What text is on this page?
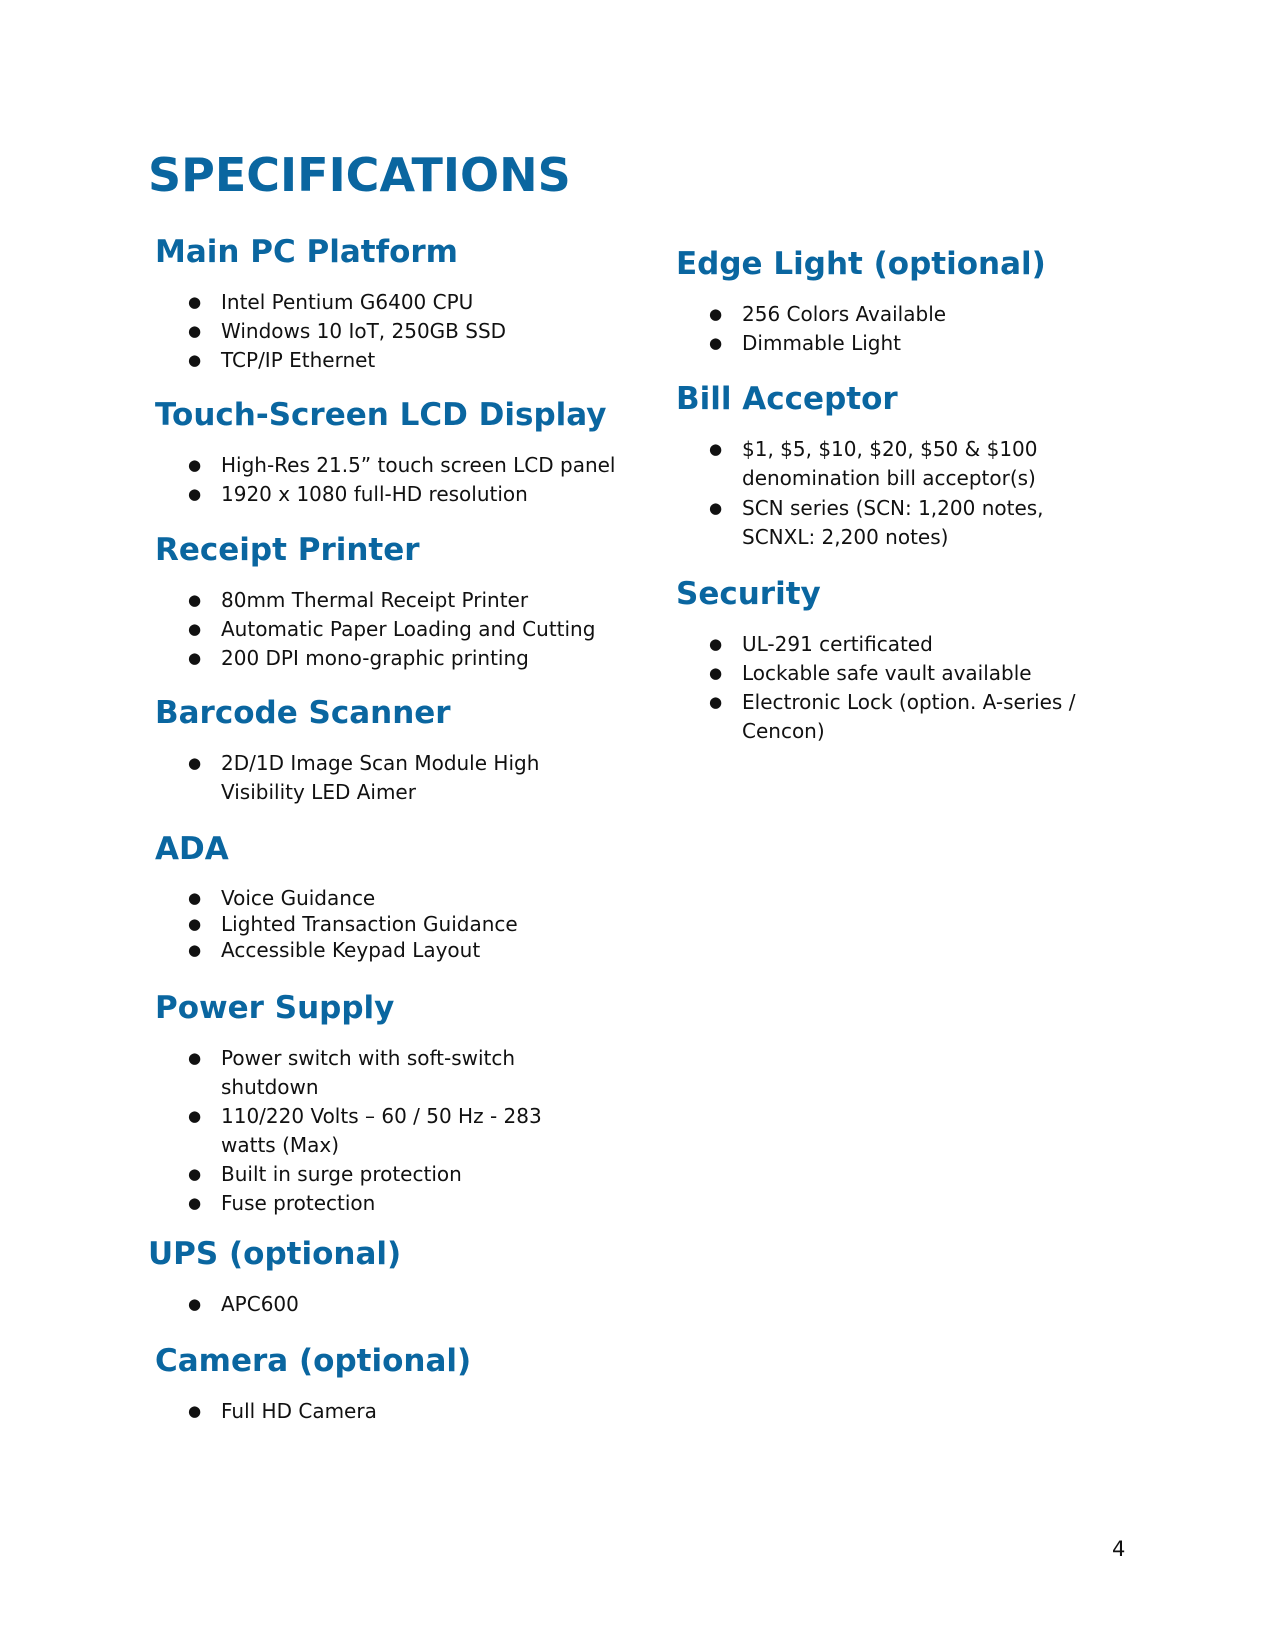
SPECIFICATIONS
Main PC Platform
● Intel Pentium G6400 CPU
● Windows 10 IoT, 250GB SSD
● TCP/IP Ethernet
Touch-Screen LCD Display
● High-Res 21.5” touch screen LCD panel
● 1920 x 1080 full-HD resolution
Receipt Printer
● 80mm Thermal Receipt Printer
● Automatic Paper Loading and Cutting
● 200 DPI mono-graphic printing
Barcode Scanner
● 2D/1D Image Scan Module High Visibility LED Aimer
ADA
● Voice Guidance
● Lighted Transaction Guidance
● Accessible Keypad Layout
Power Supply
● Power switch with soft-switch shutdown
● 110/220 Volts – 60 / 50 Hz - 283 watts (Max)
● Built in surge protection
● Fuse protection
UPS (optional)
● APC600
Camera (optional)
● Full HD Camera
Edge Light (optional)
● 256 Colors Available
● Dimmable Light
Bill Acceptor
● $1, $5, $10, $20, $50 & $100 denomination bill acceptor(s)
● SCN series (SCN: 1,200 notes, SCNXL: 2,200 notes)
Security
● UL-291 certificated
● Lockable safe vault available
● Electronic Lock (option. A-series / Cencon)
4
